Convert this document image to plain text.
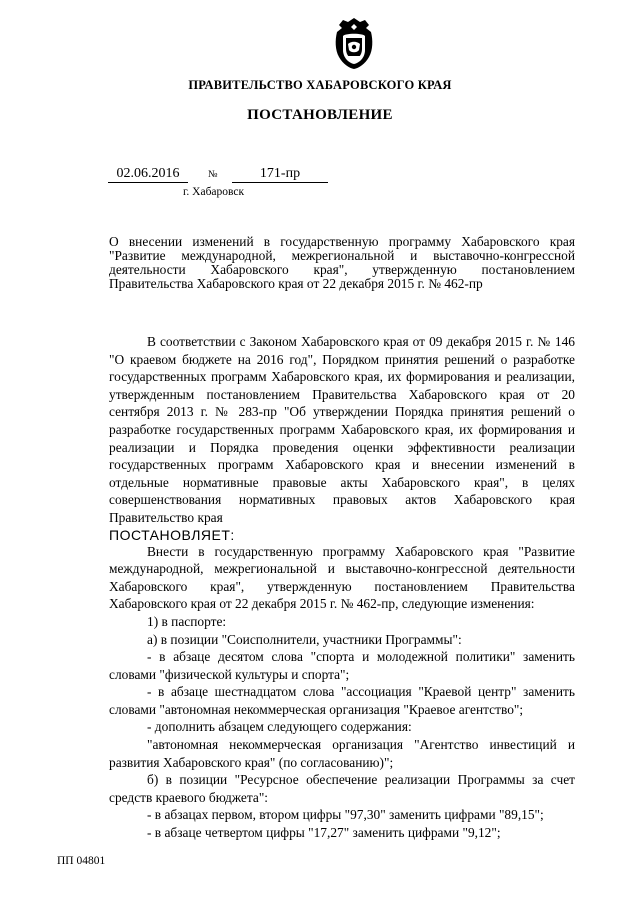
ПРАВИТЕЛЬСТВО ХАБАРОВСКОГО КРАЯ
ПОСТАНОВЛЕНИЕ
02.06.2016	№	171-пр
г. Хабаровск
О внесении изменений в государственную программу Хабаровского края "Развитие международной, межрегиональной и выставочно-конгрессной деятельности Хабаровского края", утвержденную постановлением Правительства Хабаровского края от 22 декабря 2015 г. № 462-пр

В соответствии с Законом Хабаровского края от 09 декабря 2015 г. № 146 "О краевом бюджете на 2016 год", Порядком принятия решений о разработке государственных программ Хабаровского края, их формирования и реализации, утвержденным постановлением Правительства Хабаровского края от 20 сентября 2013 г. № 283-пр "Об утверждении Порядка принятия решений о разработке государственных программ Хабаровского края, их формирования и реализации и Порядка проведения оценки эффективности реализации государственных программ Хабаровского края и внесении изменений в отдельные нормативные правовые акты Хабаровского края", в целях совершенствования нормативных правовых актов Хабаровского края Правительство края

ПОСТАНОВЛЯЕТ:

Внести в государственную программу Хабаровского края "Развитие международной, межрегиональной и выставочно-конгрессной деятельности Хабаровского края", утвержденную постановлением Правительства Хабаровского края от 22 декабря 2015 г. № 462-пр, следующие изменения:

1) в паспорте:

а) в позиции "Соисполнители, участники Программы":

- в абзаце десятом слова "спорта и молодежной политики" заменить словами "физической культуры и спорта";

- в абзаце шестнадцатом слова "ассоциация "Краевой центр" заменить словами "автономная некоммерческая организация "Краевое агентство";

- дополнить абзацем следующего содержания:

"автономная некоммерческая организация "Агентство инвестиций и развития Хабаровского края" (по согласованию)";

б) в позиции "Ресурсное обеспечение реализации Программы за счет средств краевого бюджета":

- в абзацах первом, втором цифры "97,30" заменить цифрами "89,15";

- в абзаце четвертом цифры "17,27" заменить цифрами "9,12";

ПП 04801
